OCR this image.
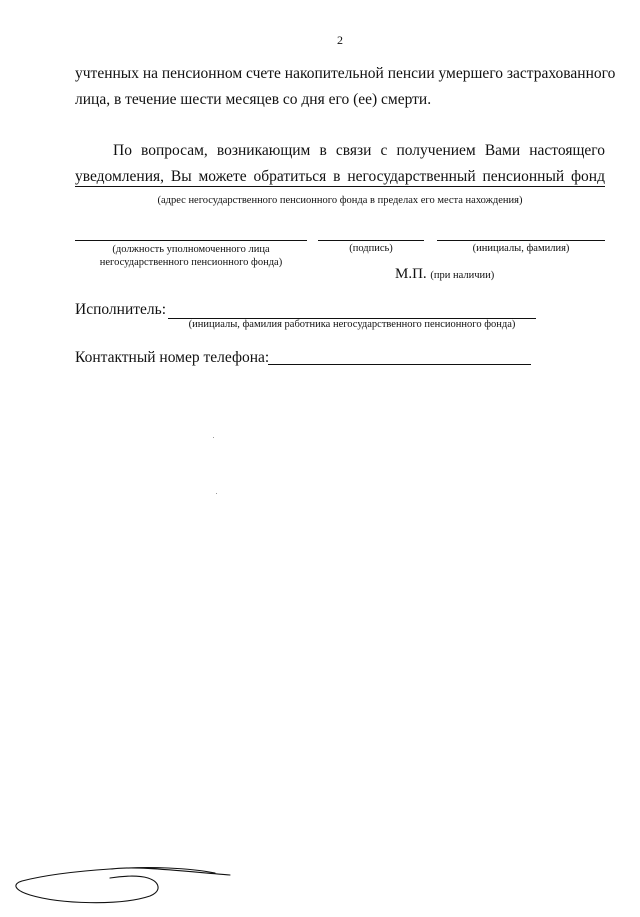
2
учтенных на пенсионном счете накопительной пенсии умершего застрахованного
лица, в течение шести месяцев со дня его (ее) смерти.
По вопросам, возникающим в связи с получением Вами настоящего
уведомления, Вы можете обратиться в негосударственный пенсионный фонд
(адрес негосударственного пенсионного фонда в пределах его места нахождения)
(должность уполномоченного лица
негосударственного пенсионного фонда)
(подпись)	(инициалы, фамилия)
М.П. (при наличии)
Исполнитель:
(инициалы, фамилия работника негосударственного пенсионного фонда)
Контактный номер телефона:
